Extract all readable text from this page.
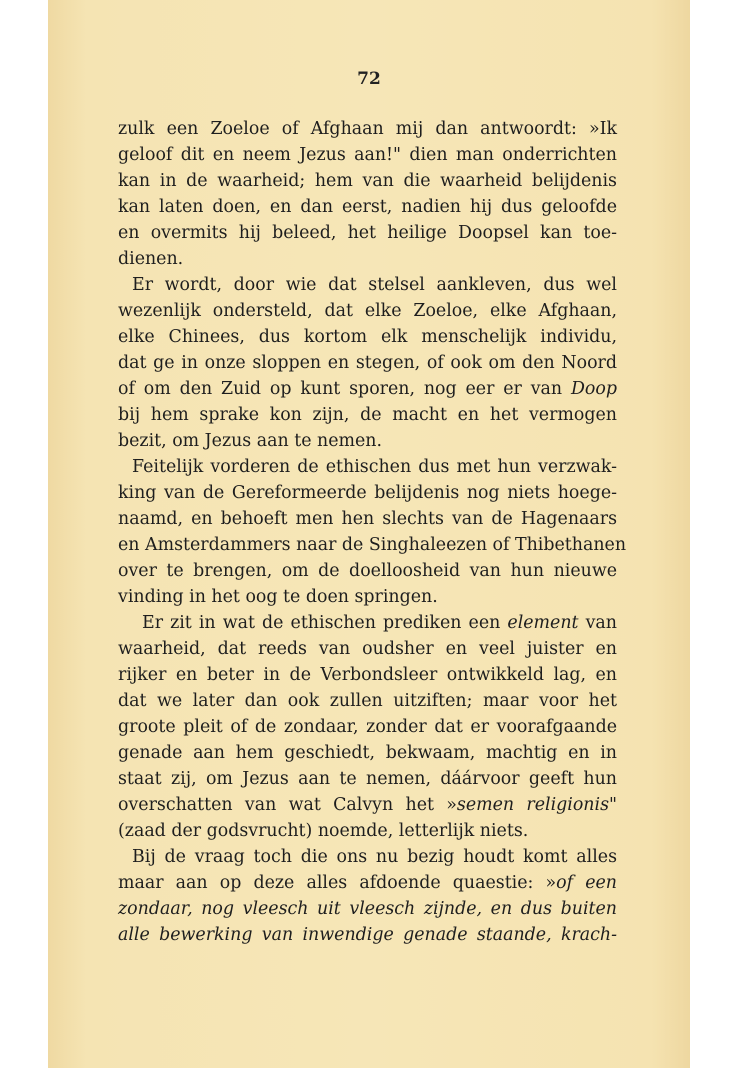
72
zulk een Zoeloe of Afghaan mij dan antwoordt: »Ik
geloof dit en neem Jezus aan!" dien man onderrichten
kan in de waarheid; hem van die waarheid belijdenis
kan laten doen, en dan eerst, nadien hij dus geloofde
en overmits hij beleed, het heilige Doopsel kan toe-
dienen.
Er wordt, door wie dat stelsel aankleven, dus wel
wezenlijk ondersteld, dat elke Zoeloe, elke Afghaan,
elke Chinees, dus kortom elk menschelijk individu,
dat ge in onze sloppen en stegen, of ook om den Noord
of om den Zuid op kunt sporen, nog eer er van Doop
bij hem sprake kon zijn, de macht en het vermogen
bezit, om Jezus aan te nemen.
Feitelijk vorderen de ethischen dus met hun verzwak-
king van de Gereformeerde belijdenis nog niets hoege-
naamd, en behoeft men hen slechts van de Hagenaars
en Amsterdammers naar de Singhaleezen of Thibethanen
over te brengen, om de doelloosheid van hun nieuwe
vinding in het oog te doen springen.
Er zit in wat de ethischen prediken een element van
waarheid, dat reeds van oudsher en veel juister en
rijker en beter in de Verbondsleer ontwikkeld lag, en
dat we later dan ook zullen uitziften; maar voor het
groote pleit of de zondaar, zonder dat er voorafgaande
genade aan hem geschiedt, bekwaam, machtig en in
staat zij, om Jezus aan te nemen, dáárvoor geeft hun
overschatten van wat Calvyn het »semen religionis"
(zaad der godsvrucht) noemde, letterlijk niets.
Bij de vraag toch die ons nu bezig houdt komt alles
maar aan op deze alles afdoende quaestie: »of een
zondaar, nog vleesch uit vleesch zijnde, en dus buiten
alle bewerking van inwendige genade staande, krach-
